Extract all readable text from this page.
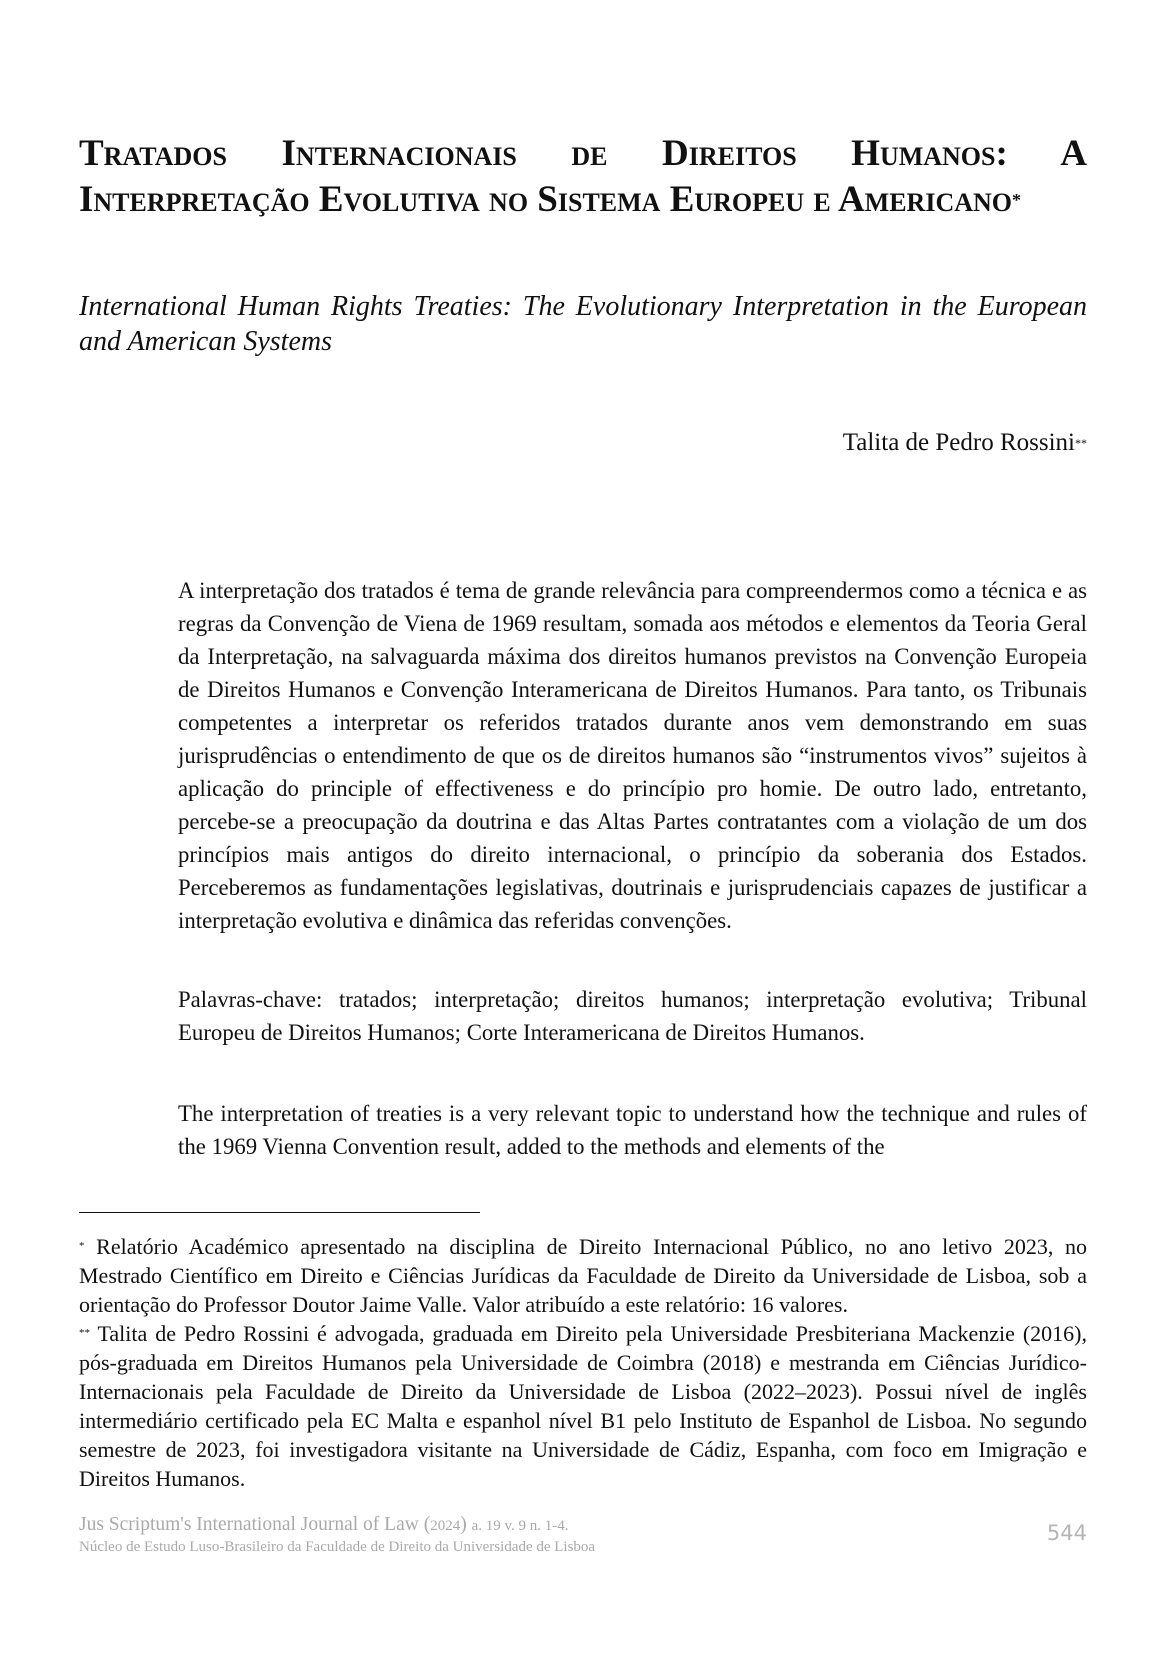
Tratados Internacionais de Direitos Humanos: A Interpretação Evolutiva no Sistema Europeu e Americano*
International Human Rights Treaties: The Evolutionary Interpretation in the European and American Systems
Talita de Pedro Rossini**

A interpretação dos tratados é tema de grande relevância para compreendermos como a técnica e as regras da Convenção de Viena de 1969 resultam, somada aos métodos e elementos da Teoria Geral da Interpretação, na salvaguarda máxima dos direitos humanos previstos na Convenção Europeia de Direitos Humanos e Convenção Interamericana de Direitos Humanos. Para tanto, os Tribunais competentes a interpretar os referidos tratados durante anos vem demonstrando em suas jurisprudências o entendimento de que os de direitos humanos são “instrumentos vivos” sujeitos à aplicação do principle of effectiveness e do princípio pro homie. De outro lado, entretanto, percebe-se a preocupação da doutrina e das Altas Partes contratantes com a violação de um dos princípios mais antigos do direito internacional, o princípio da soberania dos Estados. Perceberemos as fundamentações legislativas, doutrinais e jurisprudenciais capazes de justificar a interpretação evolutiva e dinâmica das referidas convenções.

Palavras-chave: tratados; interpretação; direitos humanos; interpretação evolutiva; Tribunal Europeu de Direitos Humanos; Corte Interamericana de Direitos Humanos.

The interpretation of treaties is a very relevant topic to understand how the technique and rules of the 1969 Vienna Convention result, added to the methods and elements of the

* Relatório Académico apresentado na disciplina de Direito Internacional Público, no ano letivo 2023, no Mestrado Científico em Direito e Ciências Jurídicas da Faculdade de Direito da Universidade de Lisboa, sob a orientação do Professor Doutor Jaime Valle. Valor atribuído a este relatório: 16 valores.

** Talita de Pedro Rossini é advogada, graduada em Direito pela Universidade Presbiteriana Mackenzie (2016), pós-graduada em Direitos Humanos pela Universidade de Coimbra (2018) e mestranda em Ciências Jurídico-Internacionais pela Faculdade de Direito da Universidade de Lisboa (2022–2023). Possui nível de inglês intermediário certificado pela EC Malta e espanhol nível B1 pelo Instituto de Espanhol de Lisboa. No segundo semestre de 2023, foi investigadora visitante na Universidade de Cádiz, Espanha, com foco em Imigração e Direitos Humanos.

Jus Scriptum's International Journal of Law (2024) a. 19 v. 9 n. 1-4.
Núcleo de Estudo Luso-Brasileiro da Faculdade de Direito da Universidade de Lisboa
544
